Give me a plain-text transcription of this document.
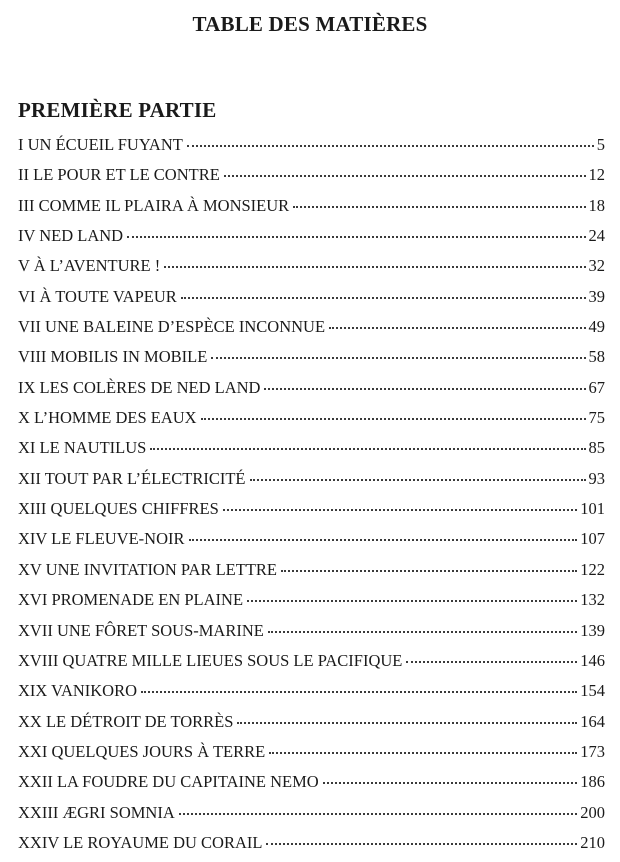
TABLE DES MATIÈRES
PREMIÈRE PARTIE
I UN ÉCUEIL FUYANT	5
II LE POUR ET LE CONTRE	12
III COMME IL PLAIRA À MONSIEUR	18
IV NED LAND	24
V À L’AVENTURE !	32
VI À TOUTE VAPEUR	39
VII UNE BALEINE D’ESPÈCE INCONNUE	49
VIII MOBILIS IN MOBILE	58
IX LES COLÈRES DE NED LAND	67
X L’HOMME DES EAUX	75
XI LE NAUTILUS	85
XII TOUT PAR L’ÉLECTRICITÉ	93
XIII QUELQUES CHIFFRES	101
XIV LE FLEUVE-NOIR	107
XV UNE INVITATION PAR LETTRE	122
XVI PROMENADE EN PLAINE	132
XVII UNE FÔRET SOUS-MARINE	139
XVIII QUATRE MILLE LIEUES SOUS LE PACIFIQUE	146
XIX VANIKORO	154
XX LE DÉTROIT DE TORRÈS	164
XXI QUELQUES JOURS À TERRE	173
XXII LA FOUDRE DU CAPITAINE NEMO	186
XXIII ÆGRI SOMNIA	200
XXIV LE ROYAUME DU CORAIL	210
